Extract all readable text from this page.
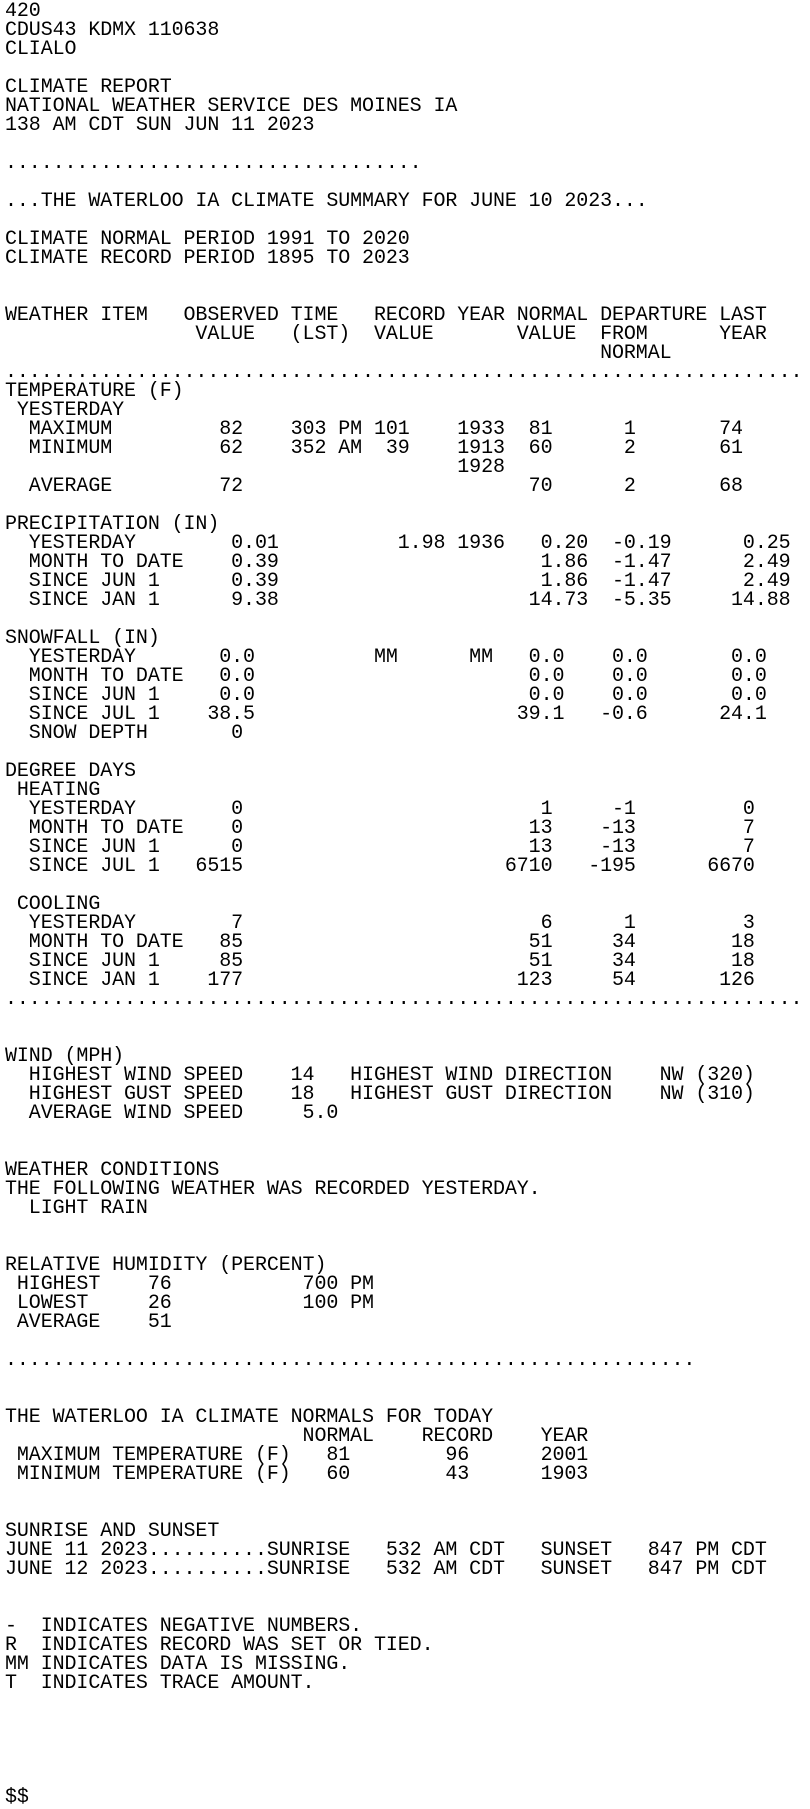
420
CDUS43 KDMX 110638
CLIALO
CLIMATE REPORT
NATIONAL WEATHER SERVICE DES MOINES IA
138 AM CDT SUN JUN 11 2023
...................................
...THE WATERLOO IA CLIMATE SUMMARY FOR JUNE 10 2023...
CLIMATE NORMAL PERIOD 1991 TO 2020
CLIMATE RECORD PERIOD 1895 TO 2023
WEATHER ITEM   OBSERVED TIME   RECORD YEAR NORMAL DEPARTURE LAST
VALUE   (LST)  VALUE       VALUE  FROM      YEAR
NORMAL
...................................................................
TEMPERATURE (F)
YESTERDAY
MAXIMUM         82    303 PM 101    1933  81      1       74
MINIMUM         62    352 AM  39    1913  60      2       61
1928
AVERAGE         72                        70      2       68
PRECIPITATION (IN)
YESTERDAY        0.01          1.98 1936   0.20  -0.19      0.25
MONTH TO DATE    0.39                      1.86  -1.47      2.49
SINCE JUN 1      0.39                      1.86  -1.47      2.49
SINCE JAN 1      9.38                     14.73  -5.35     14.88
SNOWFALL (IN)
YESTERDAY       0.0          MM      MM   0.0    0.0       0.0
MONTH TO DATE   0.0                       0.0    0.0       0.0
SINCE JUN 1     0.0                       0.0    0.0       0.0
SINCE JUL 1    38.5                      39.1   -0.6      24.1
SNOW DEPTH       0
DEGREE DAYS
HEATING
YESTERDAY        0                         1     -1         0
MONTH TO DATE    0                        13    -13         7
SINCE JUN 1      0                        13    -13         7
SINCE JUL 1   6515                      6710   -195      6670
COOLING
YESTERDAY        7                         6      1         3
MONTH TO DATE   85                        51     34        18
SINCE JUN 1     85                        51     34        18
SINCE JAN 1    177                       123     54       126
...................................................................
WIND (MPH)
HIGHEST WIND SPEED    14   HIGHEST WIND DIRECTION    NW (320)
HIGHEST GUST SPEED    18   HIGHEST GUST DIRECTION    NW (310)
AVERAGE WIND SPEED     5.0
WEATHER CONDITIONS
THE FOLLOWING WEATHER WAS RECORDED YESTERDAY.
LIGHT RAIN
RELATIVE HUMIDITY (PERCENT)
HIGHEST    76           700 PM
LOWEST     26           100 PM
AVERAGE    51
..........................................................
THE WATERLOO IA CLIMATE NORMALS FOR TODAY
NORMAL    RECORD    YEAR
MAXIMUM TEMPERATURE (F)   81        96      2001
MINIMUM TEMPERATURE (F)   60        43      1903
SUNRISE AND SUNSET
JUNE 11 2023..........SUNRISE   532 AM CDT   SUNSET   847 PM CDT
JUNE 12 2023..........SUNRISE   532 AM CDT   SUNSET   847 PM CDT
-  INDICATES NEGATIVE NUMBERS.
R  INDICATES RECORD WAS SET OR TIED.
MM INDICATES DATA IS MISSING.
T  INDICATES TRACE AMOUNT.
$$
